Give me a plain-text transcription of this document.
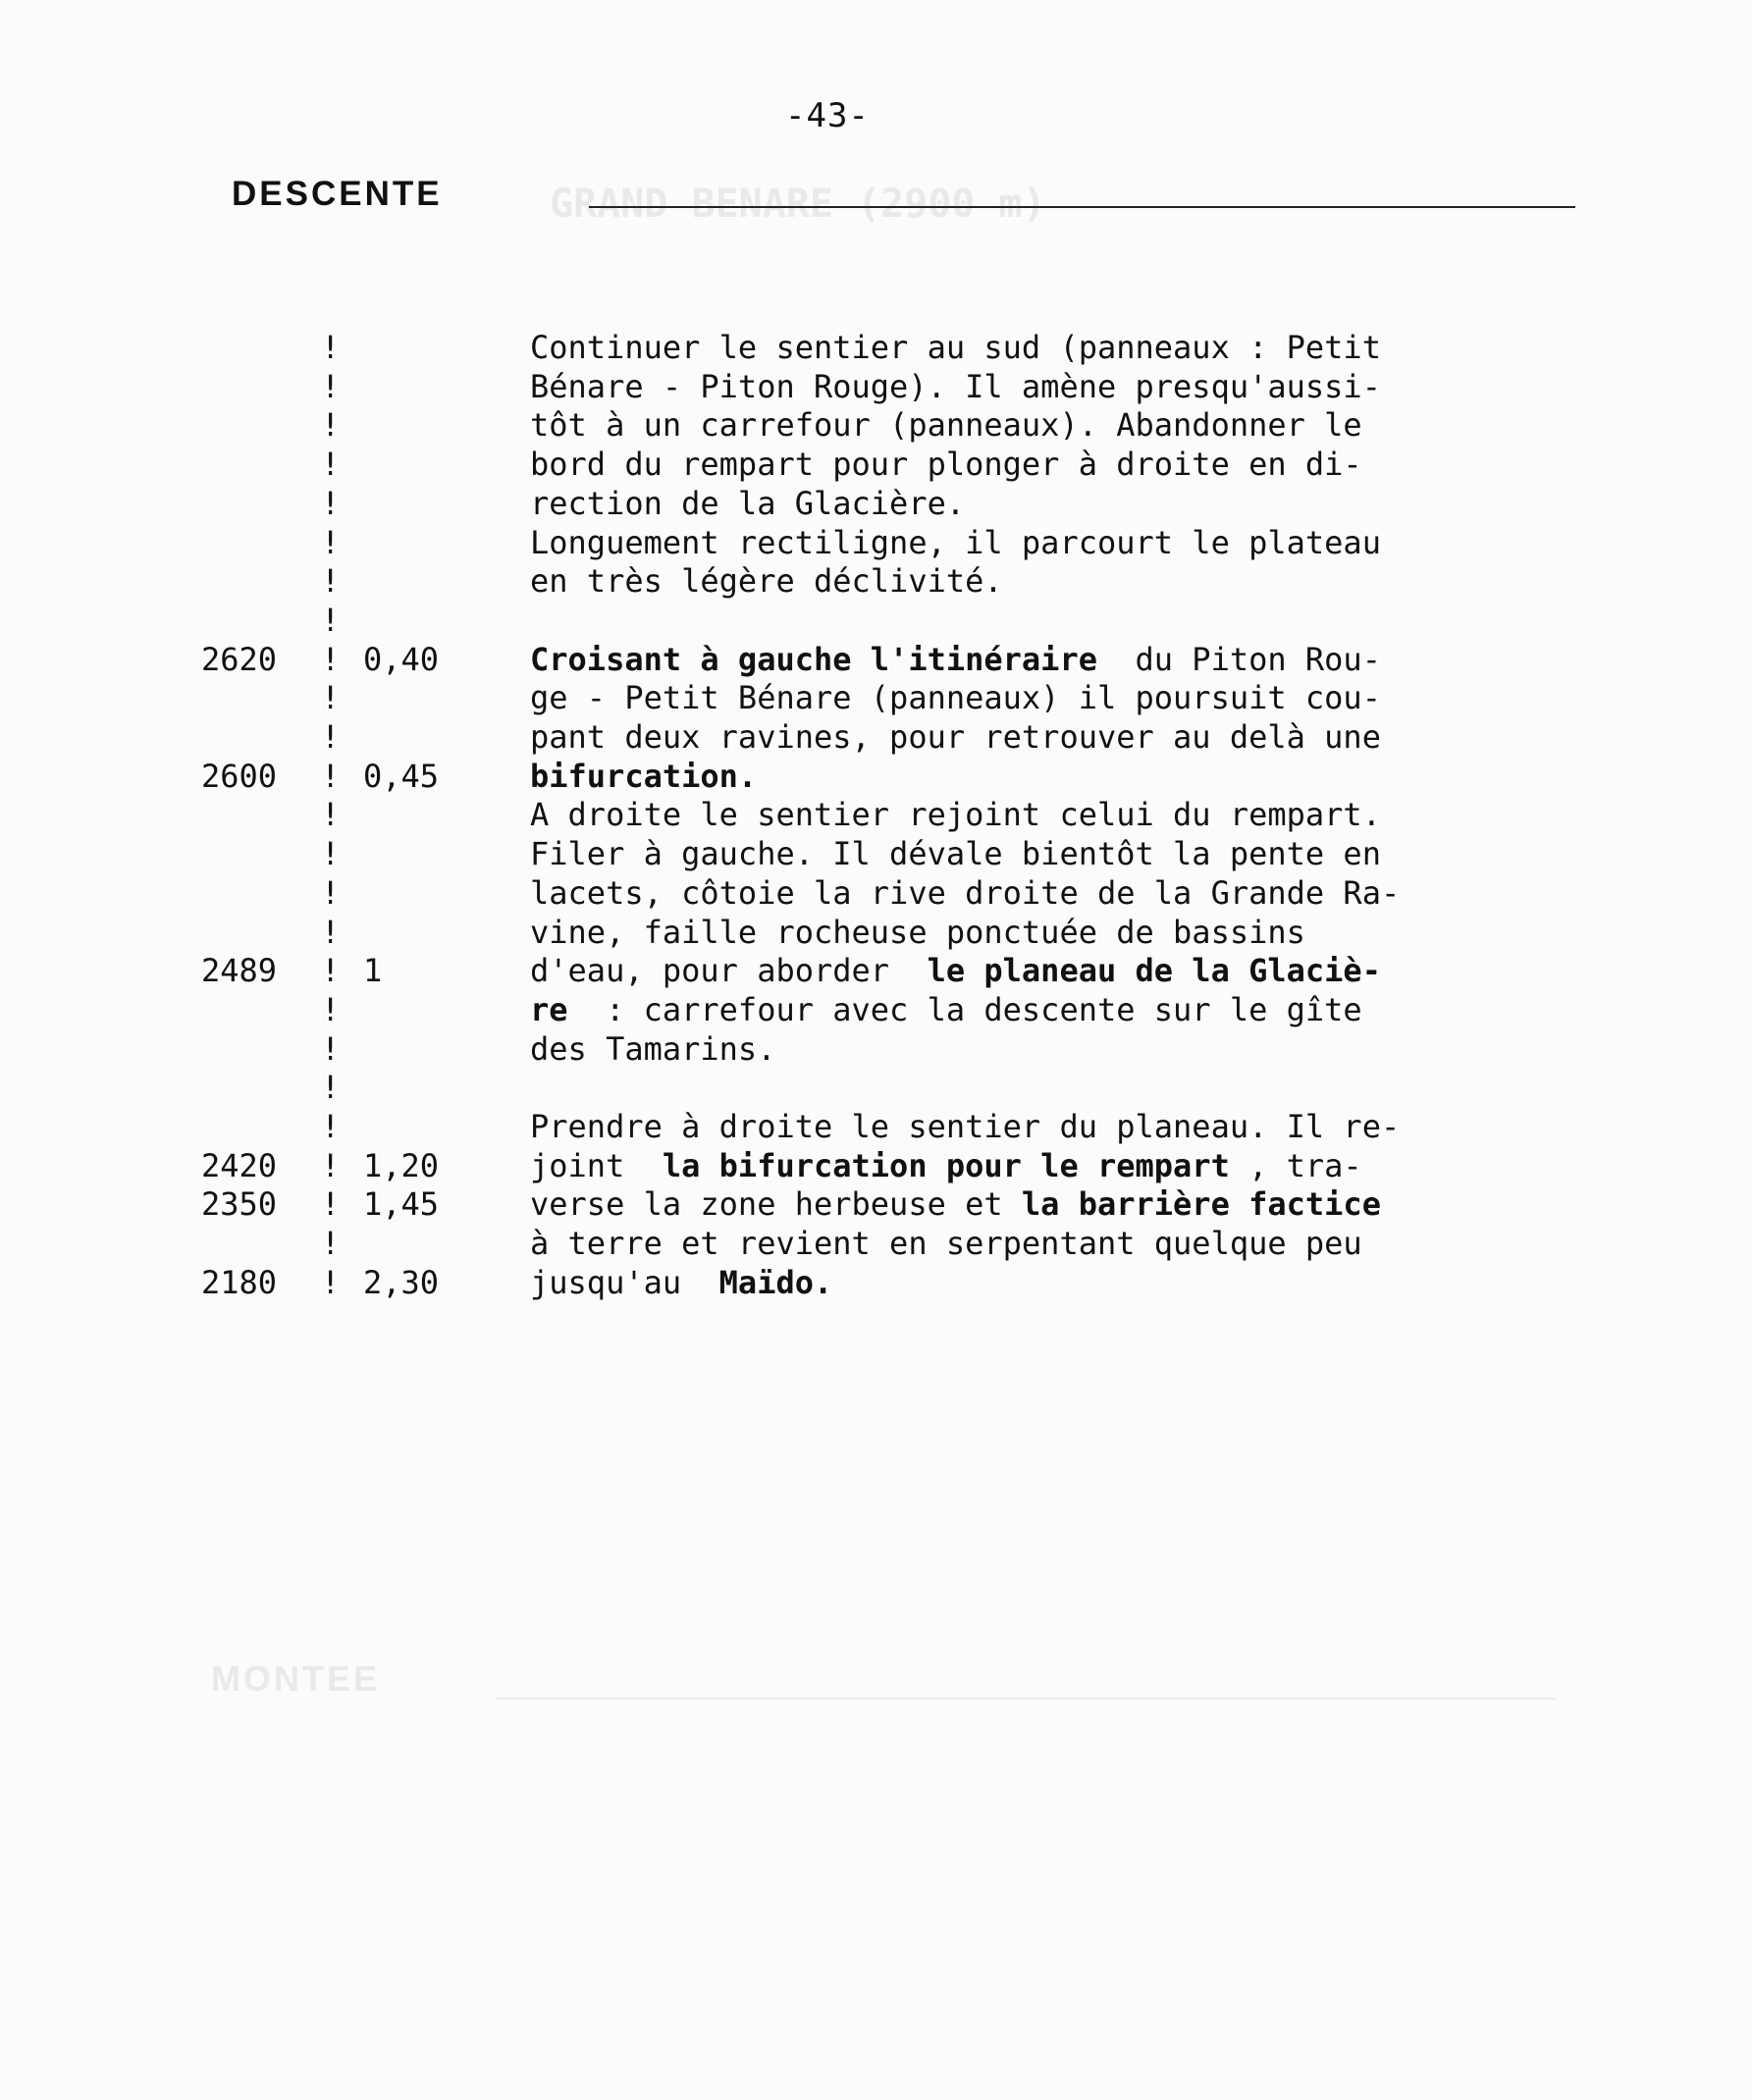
-43-
GRAND BENARE (2900 m)
MONTEE
DESCENTE
!	Continuer le sentier au sud (panneaux : Petit
!	Bénare - Piton Rouge). Il amène presqu'aussi-
!	tôt à un carrefour (panneaux). Abandonner le
!	bord du rempart pour plonger à droite en di-
!	rection de la Glacière.
!	Longuement rectiligne, il parcourt le plateau
!	en très légère déclivité.
!
2620	! 0,40	Croisant à gauche l'itinéraire  du Piton Rou-
!	ge - Petit Bénare (panneaux) il poursuit cou-
!	pant deux ravines, pour retrouver au delà une
2600	! 0,45	bifurcation.
!	A droite le sentier rejoint celui du rempart.
!	Filer à gauche. Il dévale bientôt la pente en
!	lacets, côtoie la rive droite de la Grande Ra-
!	vine, faille rocheuse ponctuée de bassins
2489	! 1	d'eau, pour aborder  le planeau de la Glaciè-
!	re  : carrefour avec la descente sur le gîte
!	des Tamarins.
!
!	Prendre à droite le sentier du planeau. Il re-
2420	! 1,20	joint  la bifurcation pour le rempart , tra-
2350	! 1,45	verse la zone herbeuse et la barrière factice
!	à terre et revient en serpentant quelque peu
2180	! 2,30	jusqu'au  Maïdo.
